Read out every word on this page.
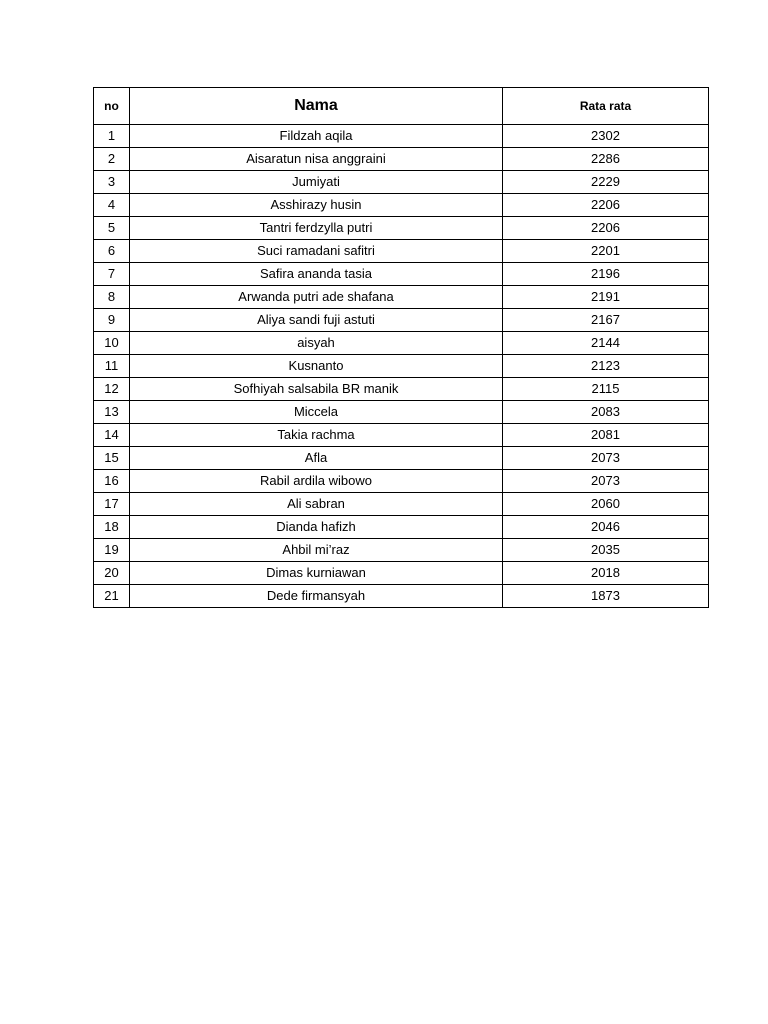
no	Nama	Rata rata
1	Fildzah aqila	2302
2	Aisaratun nisa anggraini	2286
3	Jumiyati	2229
4	Asshirazy husin	2206
5	Tantri ferdzylla putri	2206
6	Suci ramadani safitri	2201
7	Safira ananda tasia	2196
8	Arwanda putri ade shafana	2191
9	Aliya sandi fuji astuti	2167
10	aisyah	2144
11	Kusnanto	2123
12	Sofhiyah salsabila BR manik	2115
13	Miccela	2083
14	Takia rachma	2081
15	Afla	2073
16	Rabil ardila wibowo	2073
17	Ali sabran	2060
18	Dianda hafizh	2046
19	Ahbil mi’raz	2035
20	Dimas kurniawan	2018
21	Dede firmansyah	1873
